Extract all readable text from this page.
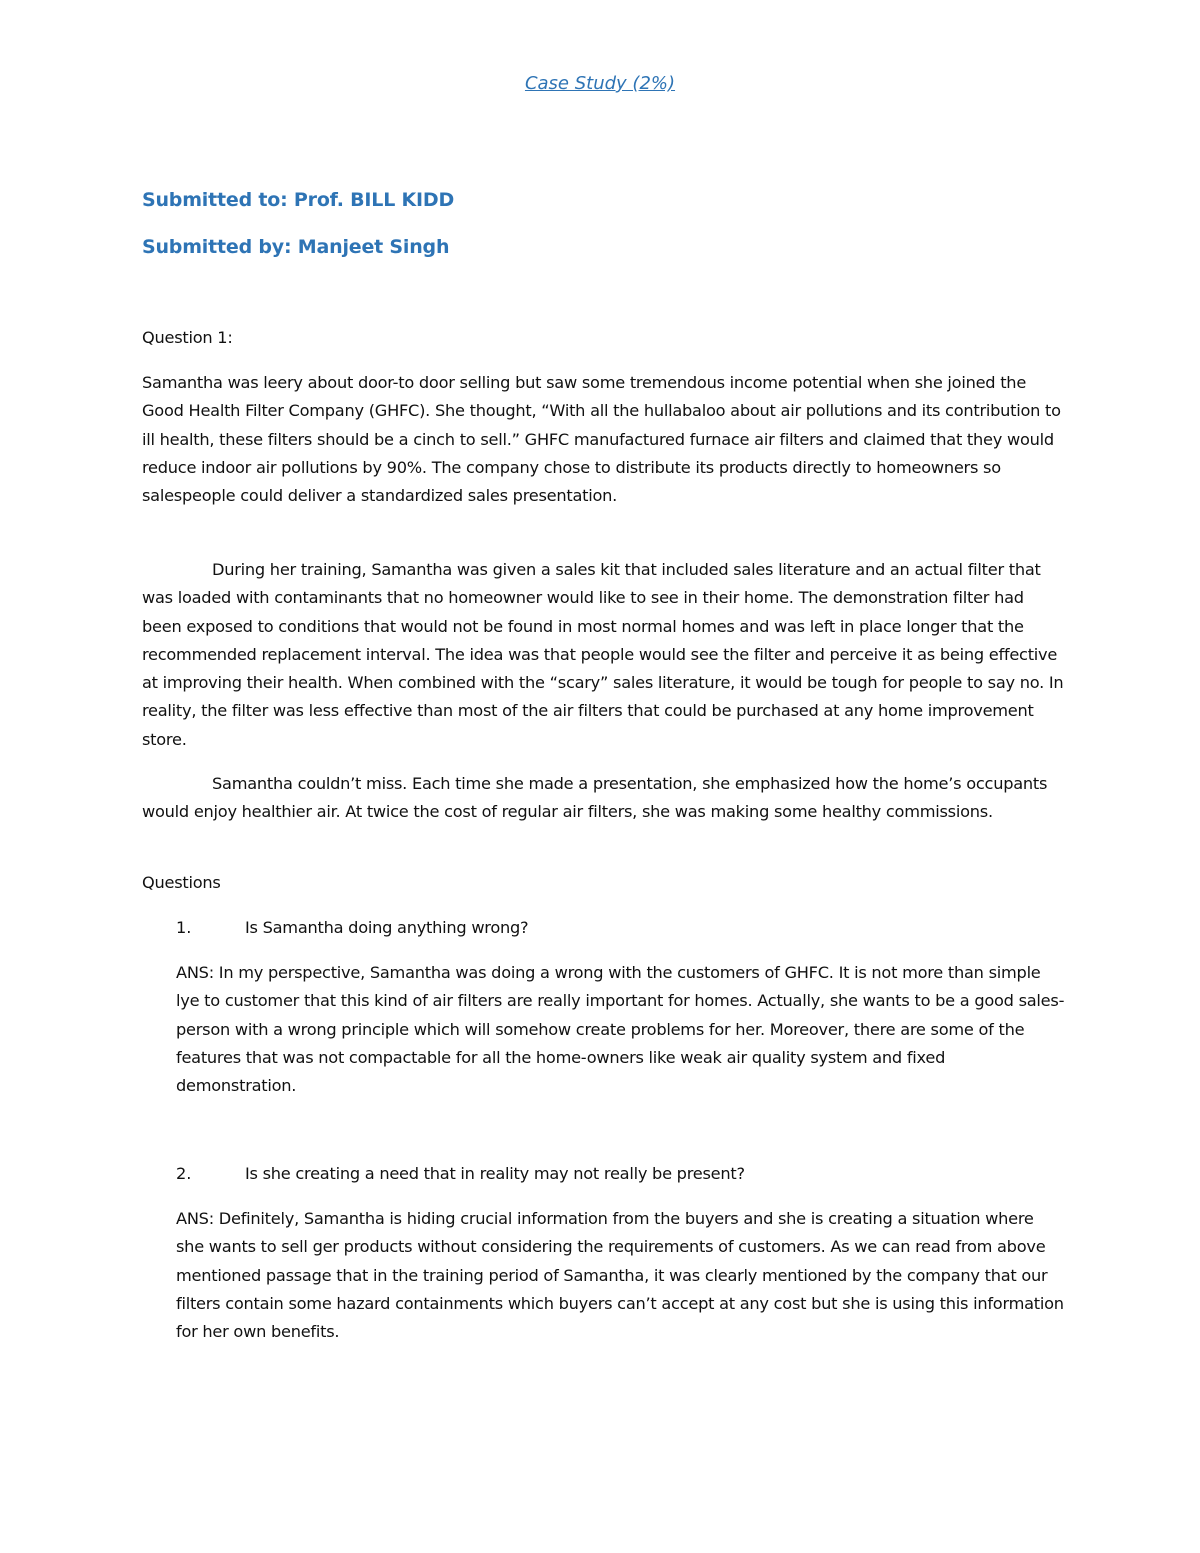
Case Study (2%)
Submitted to: Prof. BILL KIDD
Submitted by: Manjeet Singh
Question 1:

Samantha was leery about door-to door selling but saw some tremendous income potential when she joined the Good Health Filter Company (GHFC). She thought, “With all the hullabaloo about air pollutions and its contribution to ill health, these filters should be a cinch to sell.” GHFC manufactured furnace air filters and claimed that they would reduce indoor air pollutions by 90%. The company chose to distribute its products directly to homeowners so salespeople could deliver a standardized sales presentation.

During her training, Samantha was given a sales kit that included sales literature and an actual filter that was loaded with contaminants that no homeowner would like to see in their home. The demonstration filter had been exposed to conditions that would not be found in most normal homes and was left in place longer that the recommended replacement interval. The idea was that people would see the filter and perceive it as being effective at improving their health. When combined with the “scary” sales literature, it would be tough for people to say no. In reality, the filter was less effective than most of the air filters that could be purchased at any home improvement store.

Samantha couldn’t miss. Each time she made a presentation, she emphasized how the home’s occupants would enjoy healthier air. At twice the cost of regular air filters, she was making some healthy commissions.

Questions
1.	Is Samantha doing anything wrong?

ANS: In my perspective, Samantha was doing a wrong with the customers of GHFC. It is not more than simple lye to customer that this kind of air filters are really important for homes. Actually, she wants to be a good sales-person with a wrong principle which will somehow create problems for her. Moreover, there are some of the features that was not compactable for all the home-owners like weak air quality system and fixed demonstration.

2.	Is she creating a need that in reality may not really be present?

ANS: Definitely, Samantha is hiding crucial information from the buyers and she is creating a situation where she wants to sell ger products without considering the requirements of customers. As we can read from above mentioned passage that in the training period of Samantha, it was clearly mentioned by the company that our filters contain some hazard containments which buyers can’t accept at any cost but she is using this information for her own benefits.
